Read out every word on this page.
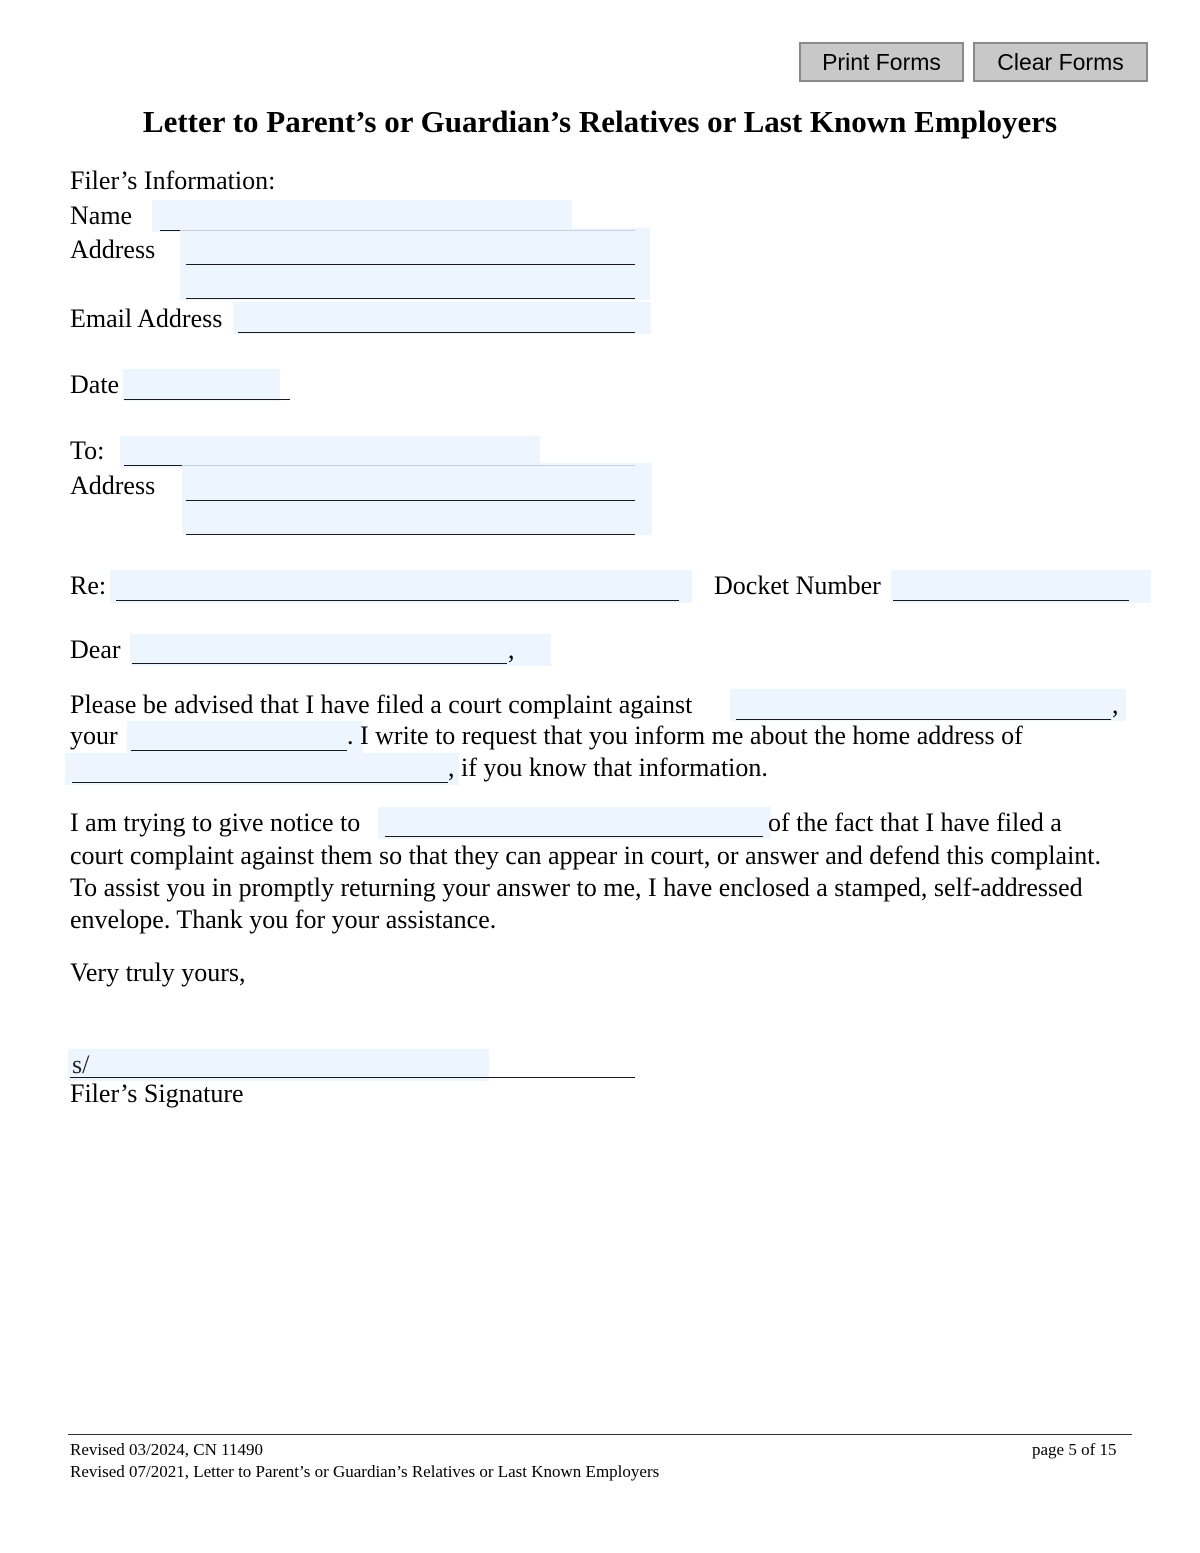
Print Forms	Clear Forms
Letter to Parent’s or Guardian’s Relatives or Last Known Employers
Filer’s Information:
Name
Address
Email Address
Date
To:
Address
Re:	Docket Number
Dear	,
Please be advised that I have filed a court complaint against	,
your	. I write to request that you inform me about the home address of
, if you know that information.
I am trying to give notice to	of the fact that I have filed a
court complaint against them so that they can appear in court, or answer and defend this complaint. To assist you in promptly returning your answer to me, I have enclosed a stamped, self-addressed envelope. Thank you for your assistance.
Very truly yours,
s/
Filer’s Signature
Revised 03/2024, CN 11490	page 5 of 15
Revised 07/2021, Letter to Parent’s or Guardian’s Relatives or Last Known Employers
